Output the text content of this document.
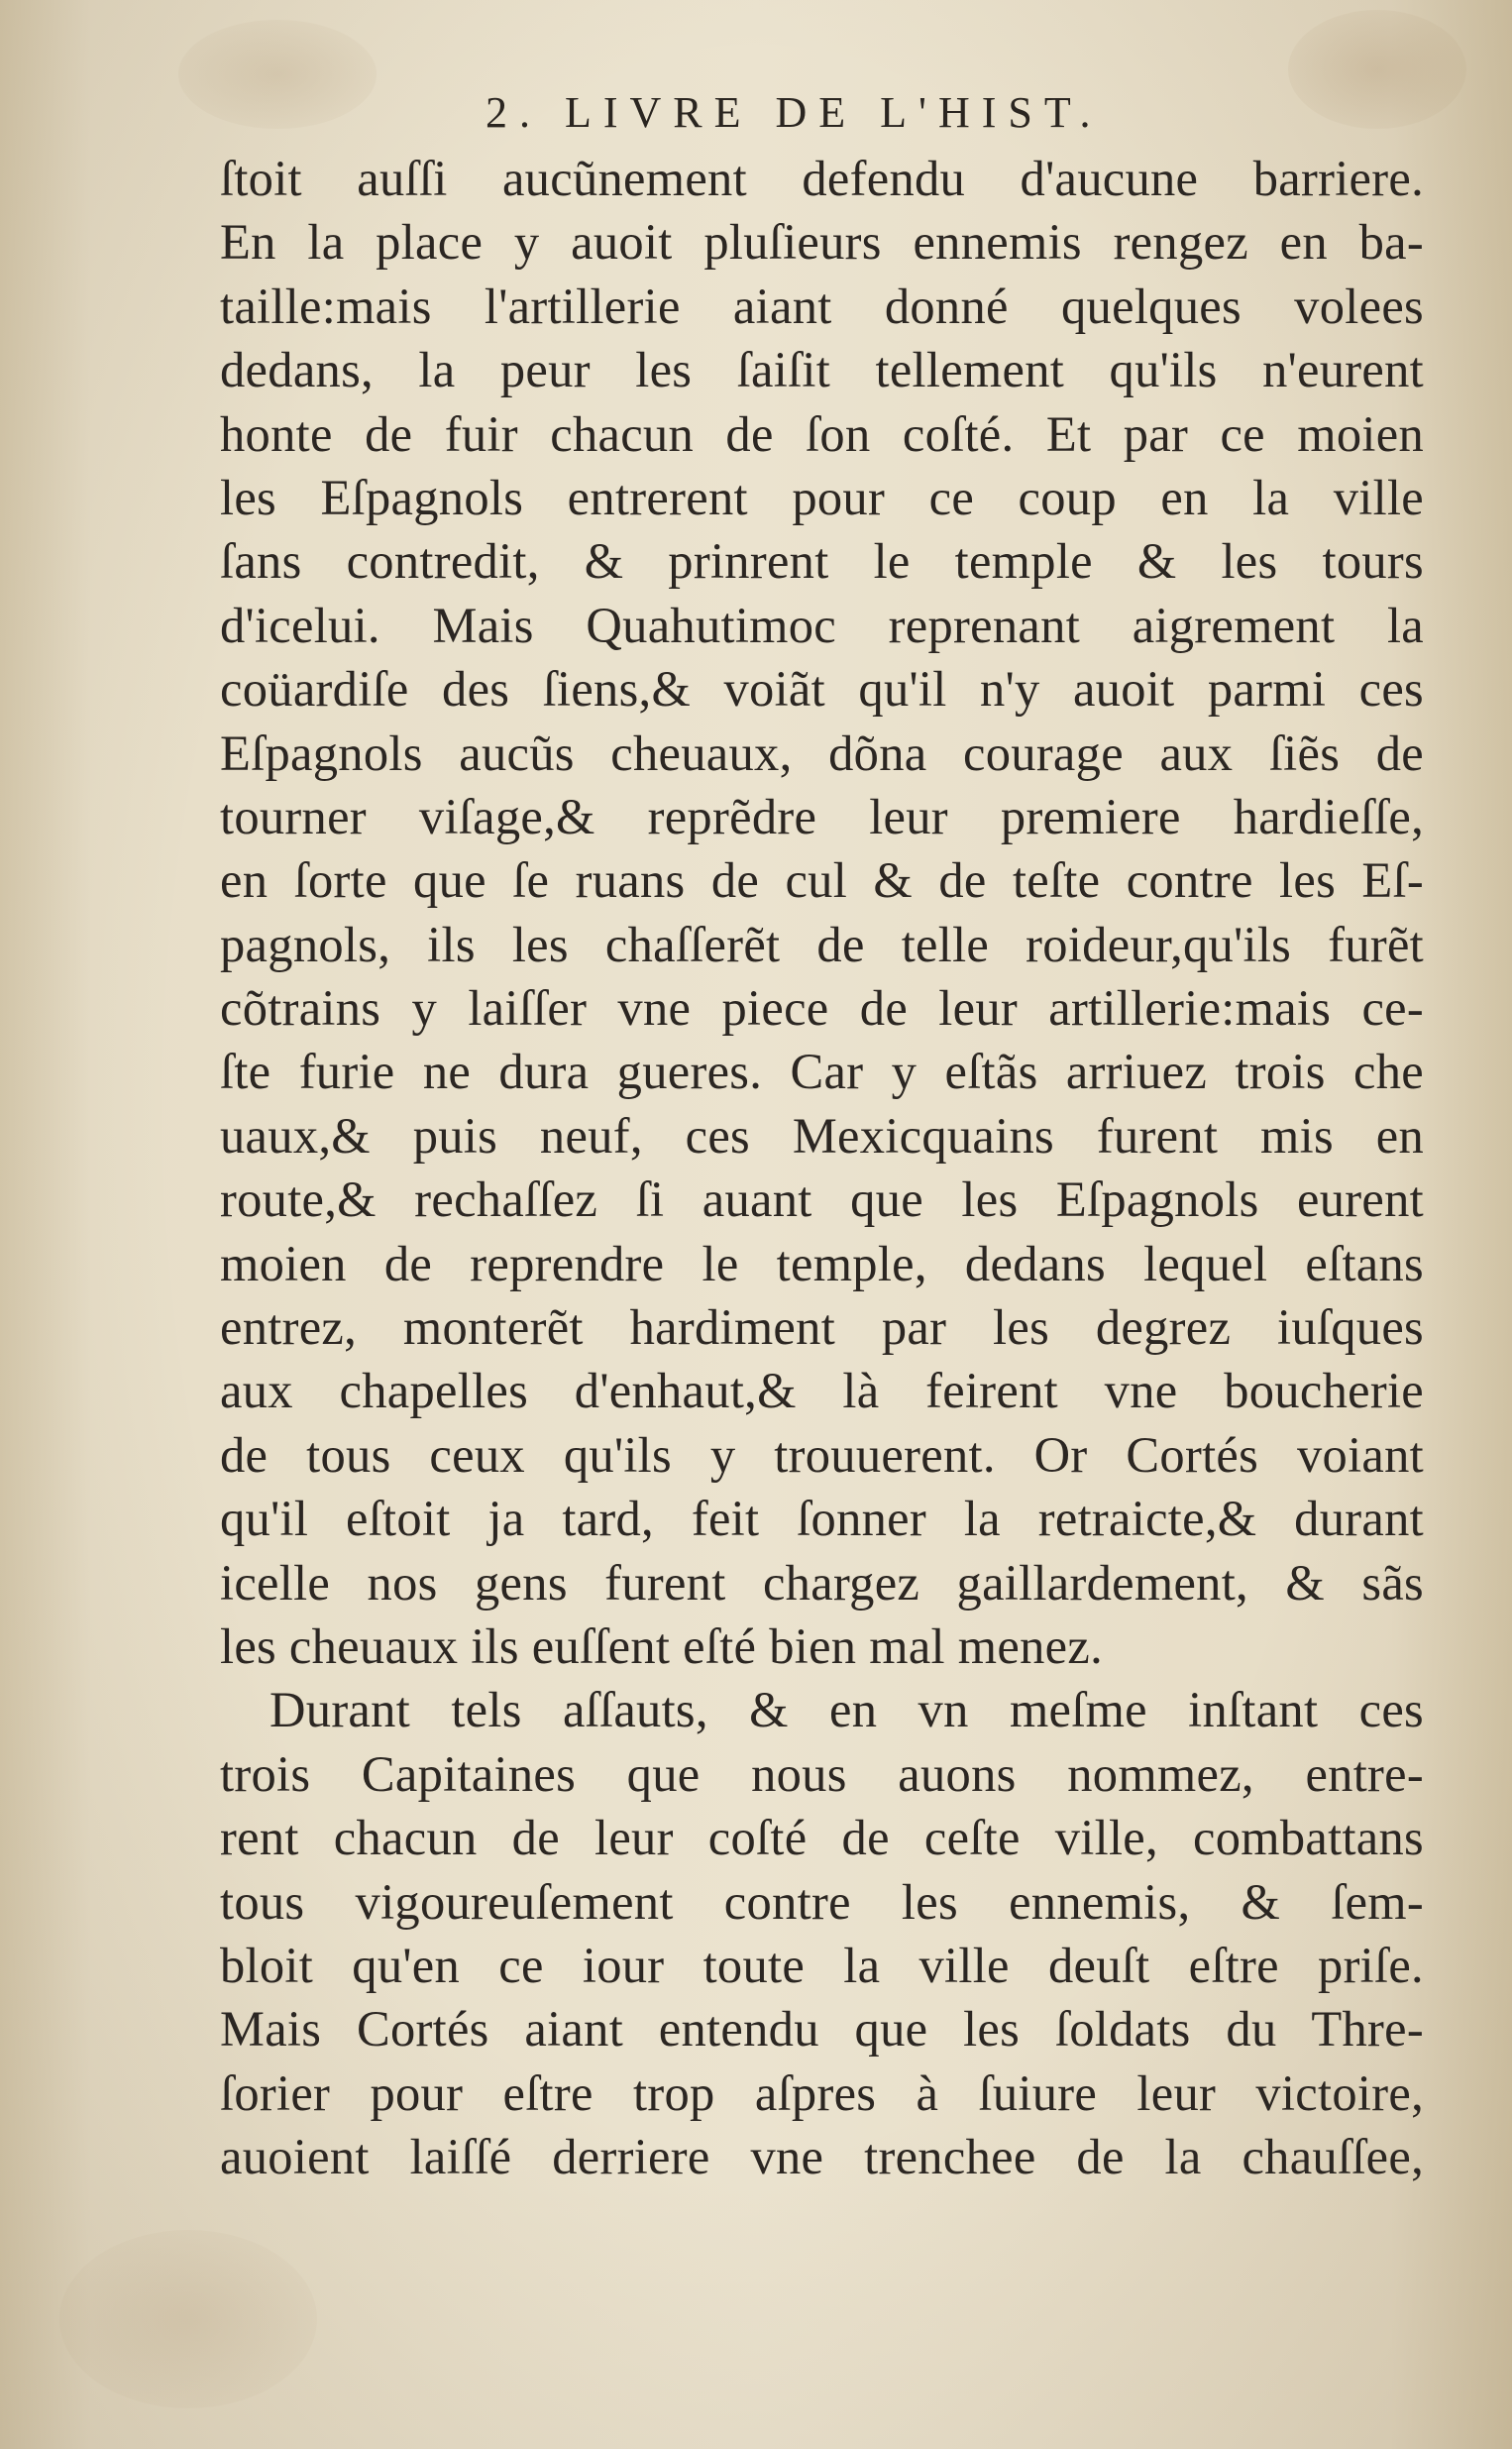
2. LIVRE DE L'HIST.
ſtoit auſſi aucũnement defendu d'aucune barriere.
En la place y auoit pluſieurs ennemis rengez en ba-
taille:mais l'artillerie aiant donné quelques volees
dedans, la peur les ſaiſit tellement qu'ils n'eurent
honte de fuir chacun de ſon coſté. Et par ce moien
les Eſpagnols entrerent pour ce coup en la ville
ſans contredit, & prinrent le temple & les tours
d'icelui. Mais Quahutimoc reprenant aigrement la
coüardiſe des ſiens,& voiãt qu'il n'y auoit parmi ces
Eſpagnols aucũs cheuaux, dõna courage aux ſiẽs de
tourner viſage,& reprẽdre leur premiere hardieſſe,
en ſorte que ſe ruans de cul & de teſte contre les Eſ-
pagnols, ils les chaſſerẽt de telle roideur,qu'ils furẽt
cõtrains y laiſſer vne piece de leur artillerie:mais ce-
ſte furie ne dura gueres. Car y eſtãs arriuez trois che
uaux,& puis neuf, ces Mexicquains furent mis en
route,& rechaſſez ſi auant que les Eſpagnols eurent
moien de reprendre le temple, dedans lequel eſtans
entrez, monterẽt hardiment par les degrez iuſques
aux chapelles d'enhaut,& là feirent vne boucherie
de tous ceux qu'ils y trouuerent. Or Cortés voiant
qu'il eſtoit ja tard, feit ſonner la retraicte,& durant
icelle nos gens furent chargez gaillardement, & sãs
les cheuaux ils euſſent eſté bien mal menez.
Durant tels aſſauts, & en vn meſme inſtant ces
trois Capitaines que nous auons nommez, entre-
rent chacun de leur coſté de ceſte ville, combattans
tous vigoureuſement contre les ennemis, & ſem-
bloit qu'en ce iour toute la ville deuſt eſtre priſe.
Mais Cortés aiant entendu que les ſoldats du Thre-
ſorier pour eſtre trop aſpres à ſuiure leur victoire,
auoient laiſſé derriere vne trenchee de la chauſſee,
